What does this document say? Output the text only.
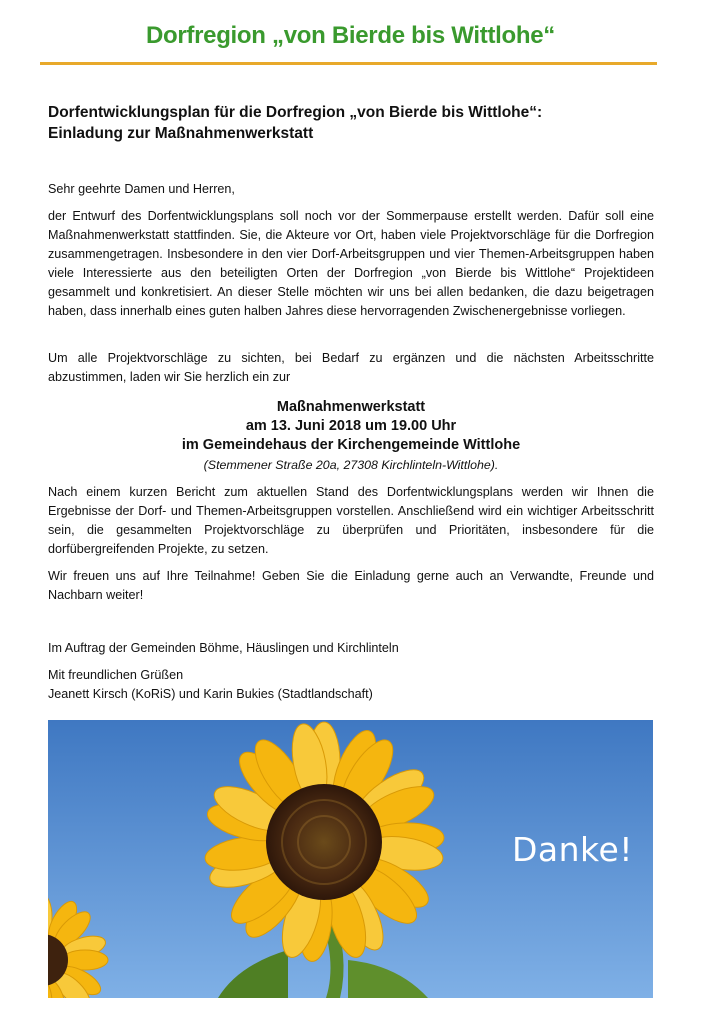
Dorfregion „von Bierde bis Wittlohe“
Dorfentwicklungsplan für die Dorfregion „von Bierde bis Wittlohe“:
Einladung zur Maßnahmenwerkstatt
Sehr geehrte Damen und Herren,
der Entwurf des Dorfentwicklungsplans soll noch vor der Sommerpause erstellt werden. Dafür soll eine Maßnahmenwerkstatt stattfinden. Sie, die Akteure vor Ort, haben viele Projektvorschläge für die Dorfregion zusammengetragen. Insbesondere in den vier Dorf-Arbeitsgruppen und vier Themen-Arbeitsgruppen haben viele Interessierte aus den beteiligten Orten der Dorfregion „von Bierde bis Wittlohe“ Projektideen gesammelt und konkretisiert. An dieser Stelle möchten wir uns bei allen bedanken, die dazu beigetragen haben, dass innerhalb eines guten halben Jahres diese hervorragenden Zwischenergebnisse vorliegen.
Um alle Projektvorschläge zu sichten, bei Bedarf zu ergänzen und die nächsten Arbeitsschritte abzustimmen, laden wir Sie herzlich ein zur
Maßnahmenwerkstatt
am 13. Juni 2018 um 19.00 Uhr
im Gemeindehaus der Kirchengemeinde Wittlohe
(Stemmener Straße 20a, 27308 Kirchlinteln-Wittlohe).
Nach einem kurzen Bericht zum aktuellen Stand des Dorfentwicklungsplans werden wir Ihnen die Ergebnisse der Dorf- und Themen-Arbeitsgruppen vorstellen. Anschließend wird ein wichtiger Arbeitsschritt sein, die gesammelten Projektvorschläge zu überprüfen und Prioritäten, insbesondere für die dorfübergreifenden Projekte, zu setzen.
Wir freuen uns auf Ihre Teilnahme! Geben Sie die Einladung gerne auch an Verwandte, Freunde und Nachbarn weiter!
Im Auftrag der Gemeinden Böhme, Häuslingen und Kirchlinteln
Mit freundlichen Grüßen
Jeanett Kirsch (KoRiS) und Karin Bukies (Stadtlandschaft)
Danke!
